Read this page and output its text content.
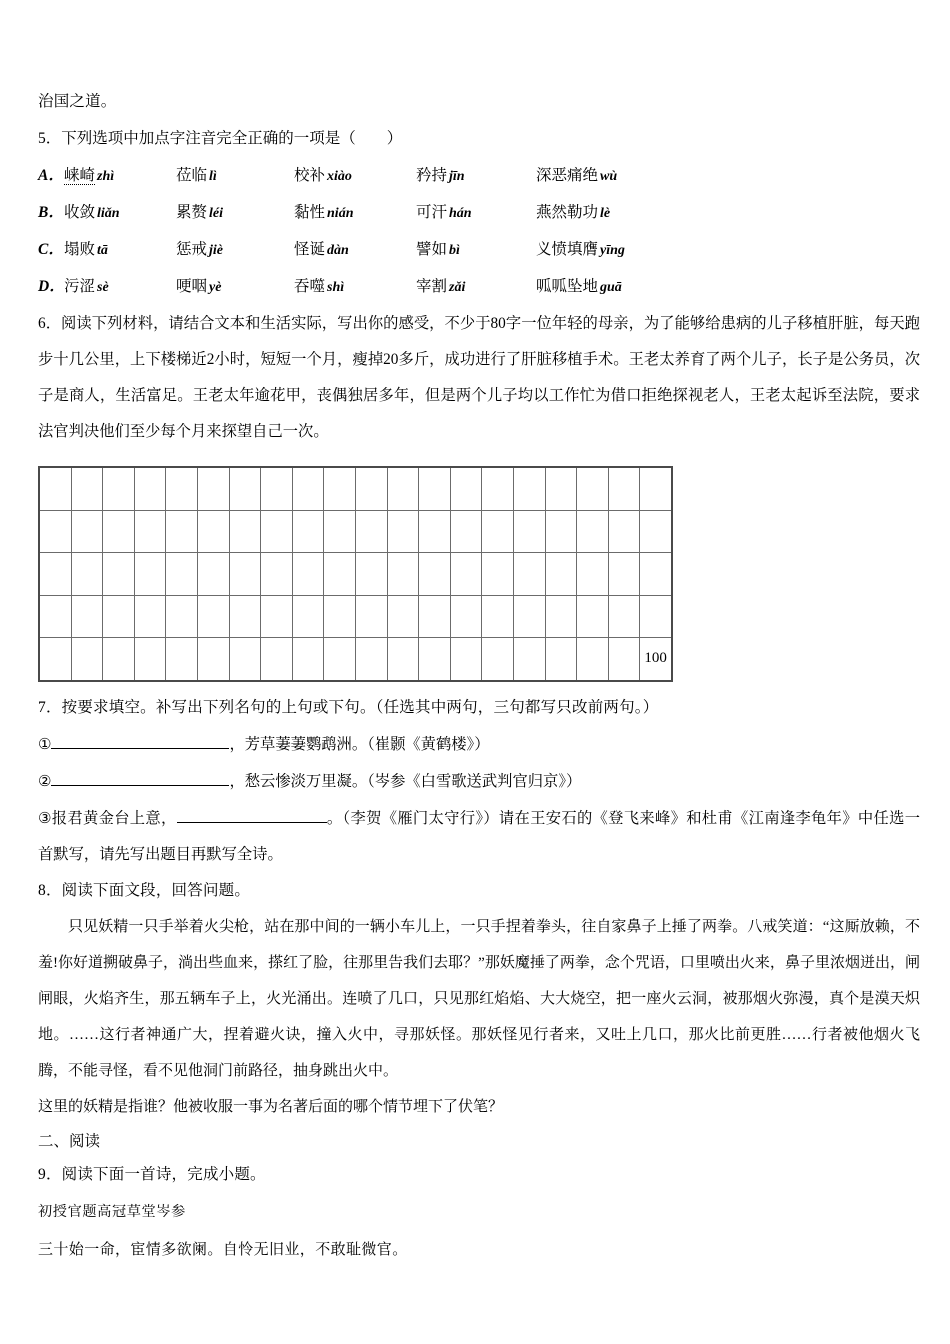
治国之道。
5．下列选项中加点字注音完全正确的一项是（　　）
A．崃崎 zhì	莅临 lì	校补 xiào	矜持 jīn	深恶痛绝 wù
B．收敛 liǎn	累赘 léi	黏性 nián	可汗 hán	燕然勒功 lè
C．塌败 tā	惩戒 jiè	怪诞 dàn	譬如 bì	义愤填膺 yīng
D．污涩 sè	哽咽 yè	吞噬 shì	宰割 zǎi	呱呱坠地 guā
6．阅读下列材料，请结合文本和生活实际，写出你的感受，不少于80字一位年轻的母亲，为了能够给患病的儿子移植肝脏，每天跑步十几公里，上下楼梯近2小时，短短一个月，瘦掉20多斤，成功进行了肝脏移植手术。王老太养育了两个儿子，长子是公务员，次子是商人，生活富足。王老太年逾花甲，丧偶独居多年，但是两个儿子均以工作忙为借口拒绝探视老人，王老太起诉至法院，要求法官判决他们至少每个月来探望自己一次。

																			100
7．按要求填空。补写出下列名句的上句或下句。（任选其中两句，三句都写只改前两句。）
①	，芳草萋萋鹦鹉洲。（崔颢《黄鹤楼》）
②	，愁云惨淡万里凝。（岑参《白雪歌送武判官归京》）
③报君黄金台上意，	。（李贺《雁门太守行》）请在王安石的《登飞来峰》和杜甫《江南逢李龟年》中任选一首默写，请先写出题目再默写全诗。
8．阅读下面文段，回答问题。
只见妖精一只手举着火尖枪，站在那中间的一辆小车儿上，一只手捏着拳头，往自家鼻子上捶了两拳。八戒笑道：“这厮放赖，不羞!你好道搠破鼻子，淌出些血来，搽红了脸，往那里告我们去耶？”那妖魔捶了两拳，念个咒语，口里喷出火来，鼻子里浓烟迸出，闸闸眼，火焰齐生，那五辆车子上，火光涌出。连喷了几口，只见那红焰焰、大大烧空，把一座火云洞，被那烟火弥漫，真个是漠天炽地。……这行者神通广大，捏着避火诀，撞入火中，寻那妖怪。那妖怪见行者来，又吐上几口，那火比前更胜……行者被他烟火飞腾，不能寻怪，看不见他洞门前路径，抽身跳出火中。
这里的妖精是指谁？他被收服一事为名著后面的哪个情节埋下了伏笔？
二、阅读
9．阅读下面一首诗，完成小题。
初授官题高冠草堂岑参
三十始一命，宦情多欲阑。自怜无旧业，不敢耻微官。
